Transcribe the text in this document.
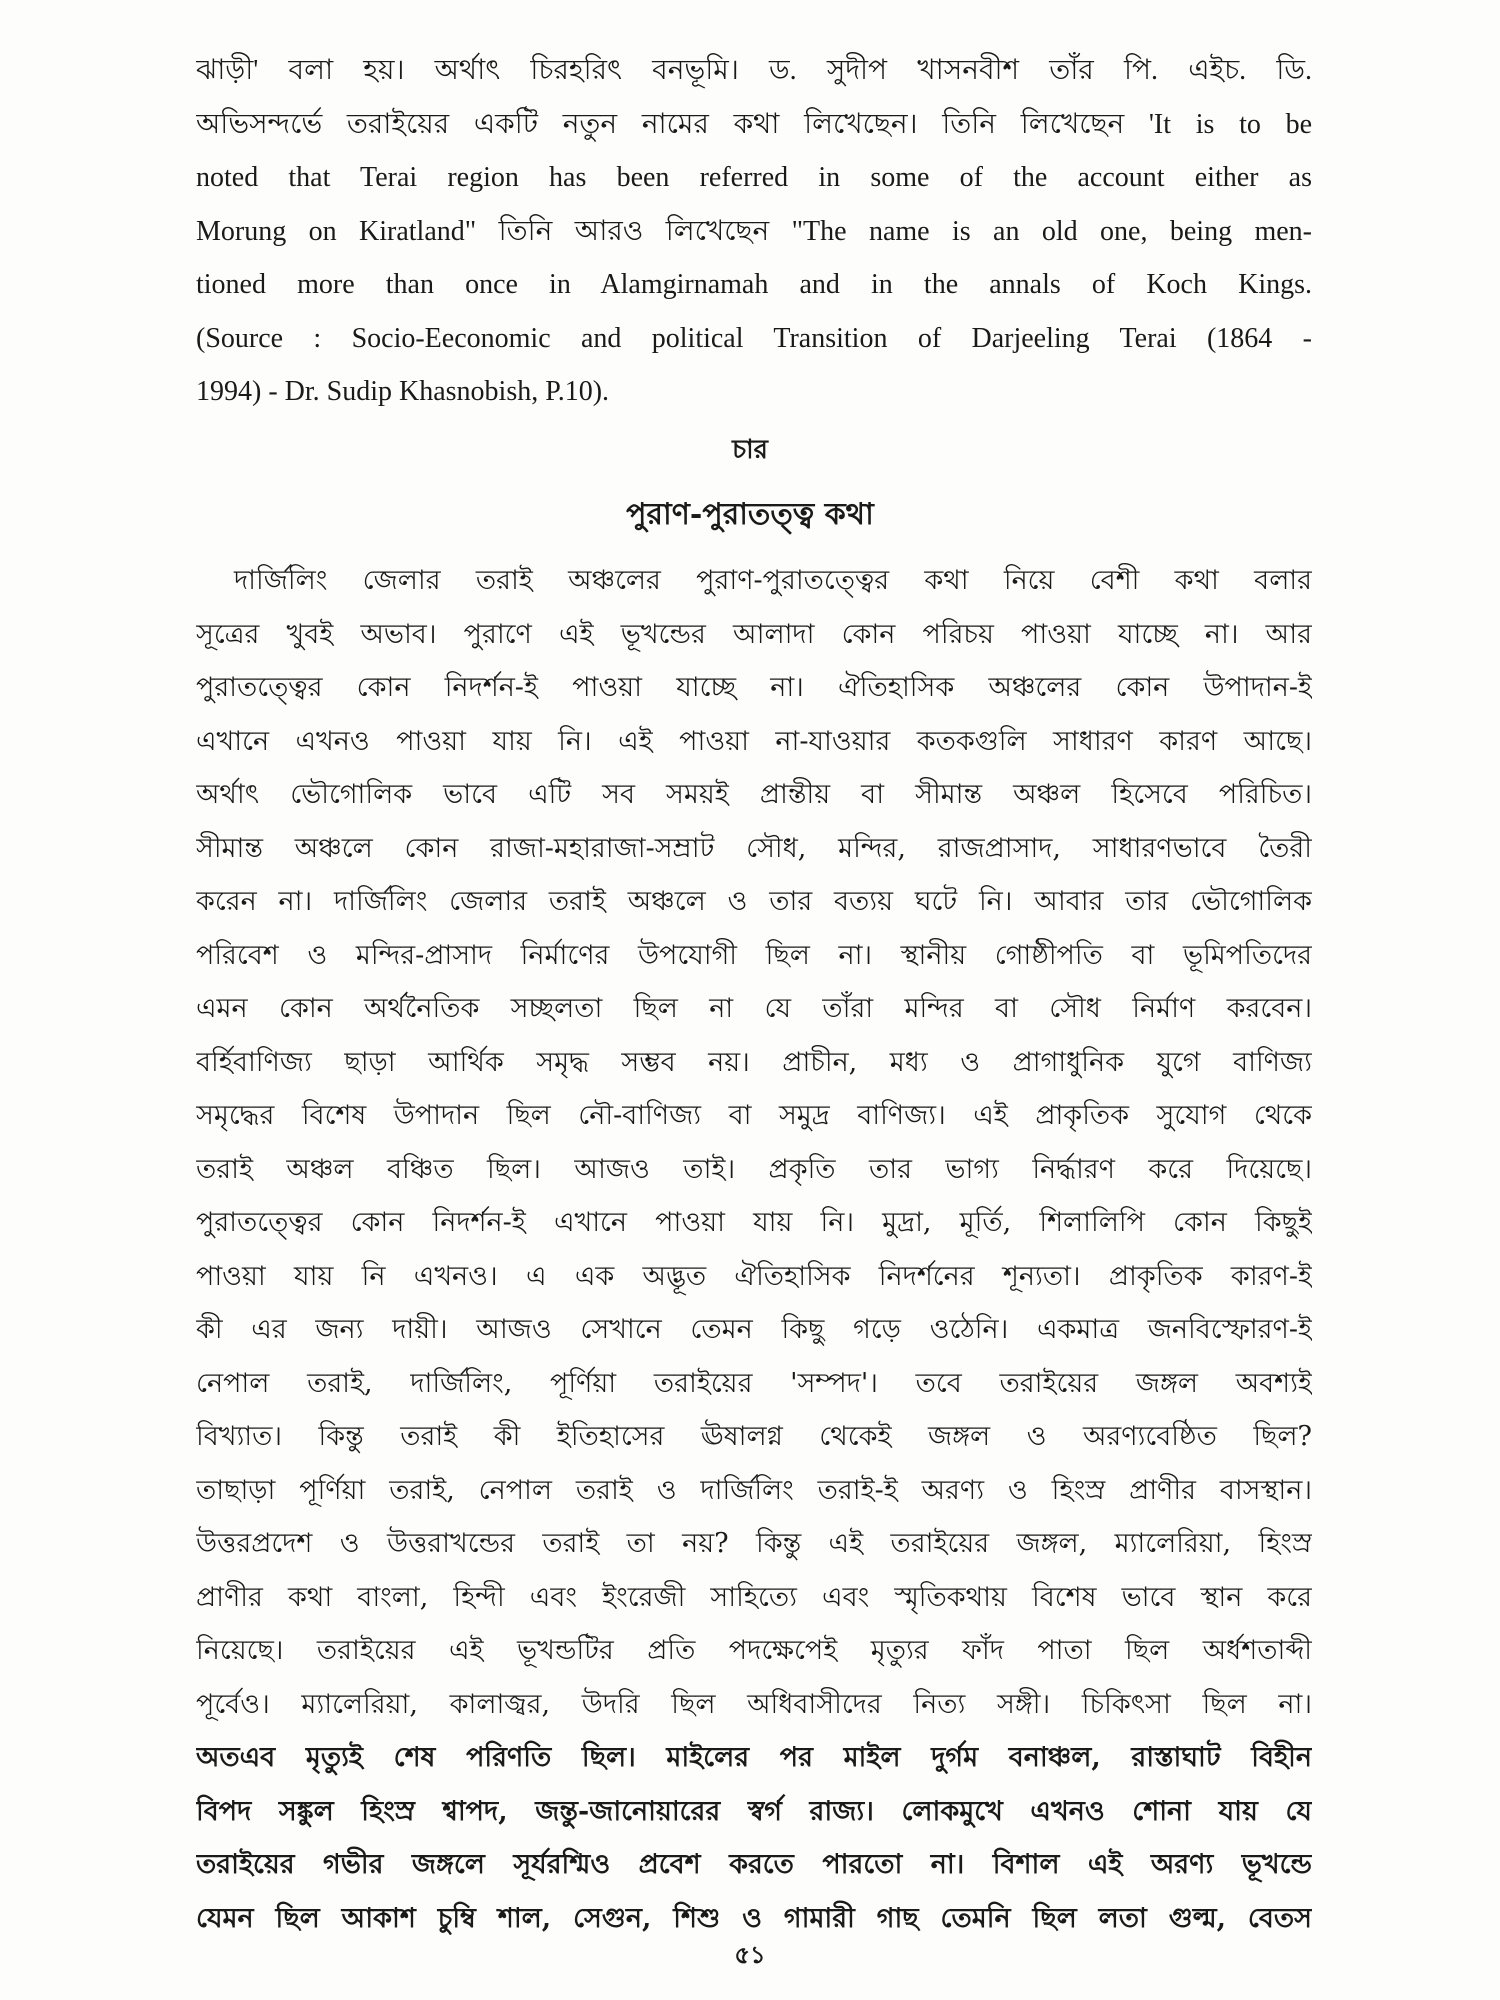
ঝাড়ী' বলা হয়। অর্থাৎ চিরহরিৎ বনভূমি। ড. সুদীপ খাসনবীশ তাঁর পি. এইচ. ডি.
অভিসন্দর্ভে তরাইয়ের একটি নতুন নামের কথা লিখেছেন। তিনি লিখেছেন 'It is to be
noted that Terai region has been referred in some of the account either as
Morung on Kiratland" তিনি আরও লিখেছেন "The name is an old one, being men-
tioned more than once in Alamgirnamah and in the annals of Koch Kings.
(Source : Socio-Eeconomic and political Transition of Darjeeling Terai (1864 -
1994) - Dr. Sudip Khasnobish, P.10).
চার
পুরাণ-পুরাতত্ত্ব কথা
দার্জিলিং জেলার তরাই অঞ্চলের পুরাণ-পুরাতত্ত্বের কথা নিয়ে বেশী কথা বলার
সূত্রের খুবই অভাব। পুরাণে এই ভূখন্ডের আলাদা কোন পরিচয় পাওয়া যাচ্ছে না। আর
পুরাতত্ত্বের কোন নিদর্শন-ই পাওয়া যাচ্ছে না। ঐতিহাসিক অঞ্চলের কোন উপাদান-ই
এখানে এখনও পাওয়া যায় নি। এই পাওয়া না-যাওয়ার কতকগুলি সাধারণ কারণ আছে।
অর্থাৎ ভৌগোলিক ভাবে এটি সব সময়ই প্রান্তীয় বা সীমান্ত অঞ্চল হিসেবে পরিচিত।
সীমান্ত অঞ্চলে কোন রাজা-মহারাজা-সম্রাট সৌধ, মন্দির, রাজপ্রাসাদ, সাধারণভাবে তৈরী
করেন না। দার্জিলিং জেলার তরাই অঞ্চলে ও তার বত্যয় ঘটে নি। আবার তার ভৌগোলিক
পরিবেশ ও মন্দির-প্রাসাদ নির্মাণের উপযোগী ছিল না। স্থানীয় গোষ্ঠীপতি বা ভূমিপতিদের
এমন কোন অর্থনৈতিক সচ্ছলতা ছিল না যে তাঁরা মন্দির বা সৌধ নির্মাণ করবেন।
বর্হিবাণিজ্য ছাড়া আর্থিক সমৃদ্ধ সম্ভব নয়। প্রাচীন, মধ্য ও প্রাগাধুনিক যুগে বাণিজ্য
সমৃদ্ধের বিশেষ উপাদান ছিল নৌ-বাণিজ্য বা সমুদ্র বাণিজ্য। এই প্রাকৃতিক সুযোগ থেকে
তরাই অঞ্চল বঞ্চিত ছিল। আজও তাই। প্রকৃতি তার ভাগ্য নির্দ্ধারণ করে দিয়েছে।
পুরাতত্ত্বের কোন নিদর্শন-ই এখানে পাওয়া যায় নি। মুদ্রা, মূর্তি, শিলালিপি কোন কিছুই
পাওয়া যায় নি এখনও। এ এক অদ্ভূত ঐতিহাসিক নিদর্শনের শূন্যতা। প্রাকৃতিক কারণ-ই
কী এর জন্য দায়ী। আজও সেখানে তেমন কিছু গড়ে ওঠেনি। একমাত্র জনবিস্ফোরণ-ই
নেপাল তরাই, দার্জিলিং, পূর্ণিয়া তরাইয়ের 'সম্পদ'। তবে তরাইয়ের জঙ্গল অবশ্যই
বিখ্যাত। কিন্তু তরাই কী ইতিহাসের ঊষালগ্ন থেকেই জঙ্গল ও অরণ্যবেষ্ঠিত ছিল?
তাছাড়া পূর্ণিয়া তরাই, নেপাল তরাই ও দার্জিলিং তরাই-ই অরণ্য ও হিংস্র প্রাণীর বাসস্থান।
উত্তরপ্রদেশ ও উত্তরাখন্ডের তরাই তা নয়? কিন্তু এই তরাইয়ের জঙ্গল, ম্যালেরিয়া, হিংস্র
প্রাণীর কথা বাংলা, হিন্দী এবং ইংরেজী সাহিত্যে এবং স্মৃতিকথায় বিশেষ ভাবে স্থান করে
নিয়েছে। তরাইয়ের এই ভূখন্ডটির প্রতি পদক্ষেপেই মৃত্যুর ফাঁদ পাতা ছিল অর্ধশতাব্দী
পূর্বেও। ম্যালেরিয়া, কালাজ্বর, উদরি ছিল অধিবাসীদের নিত্য সঙ্গী। চিকিৎসা ছিল না।
অতএব মৃত্যুই শেষ পরিণতি ছিল। মাইলের পর মাইল দুর্গম বনাঞ্চল, রাস্তাঘাট বিহীন
বিপদ সঙ্কুল হিংস্র শ্বাপদ, জন্তু-জানোয়ারের স্বর্গ রাজ্য। লোকমুখে এখনও শোনা যায় যে
তরাইয়ের গভীর জঙ্গলে সূর্যরশ্মিও প্রবেশ করতে পারতো না। বিশাল এই অরণ্য ভূখন্ডে
যেমন ছিল আকাশ চুম্বি শাল, সেগুন, শিশু ও গামারী গাছ তেমনি ছিল লতা গুল্ম, বেতস
৫১
